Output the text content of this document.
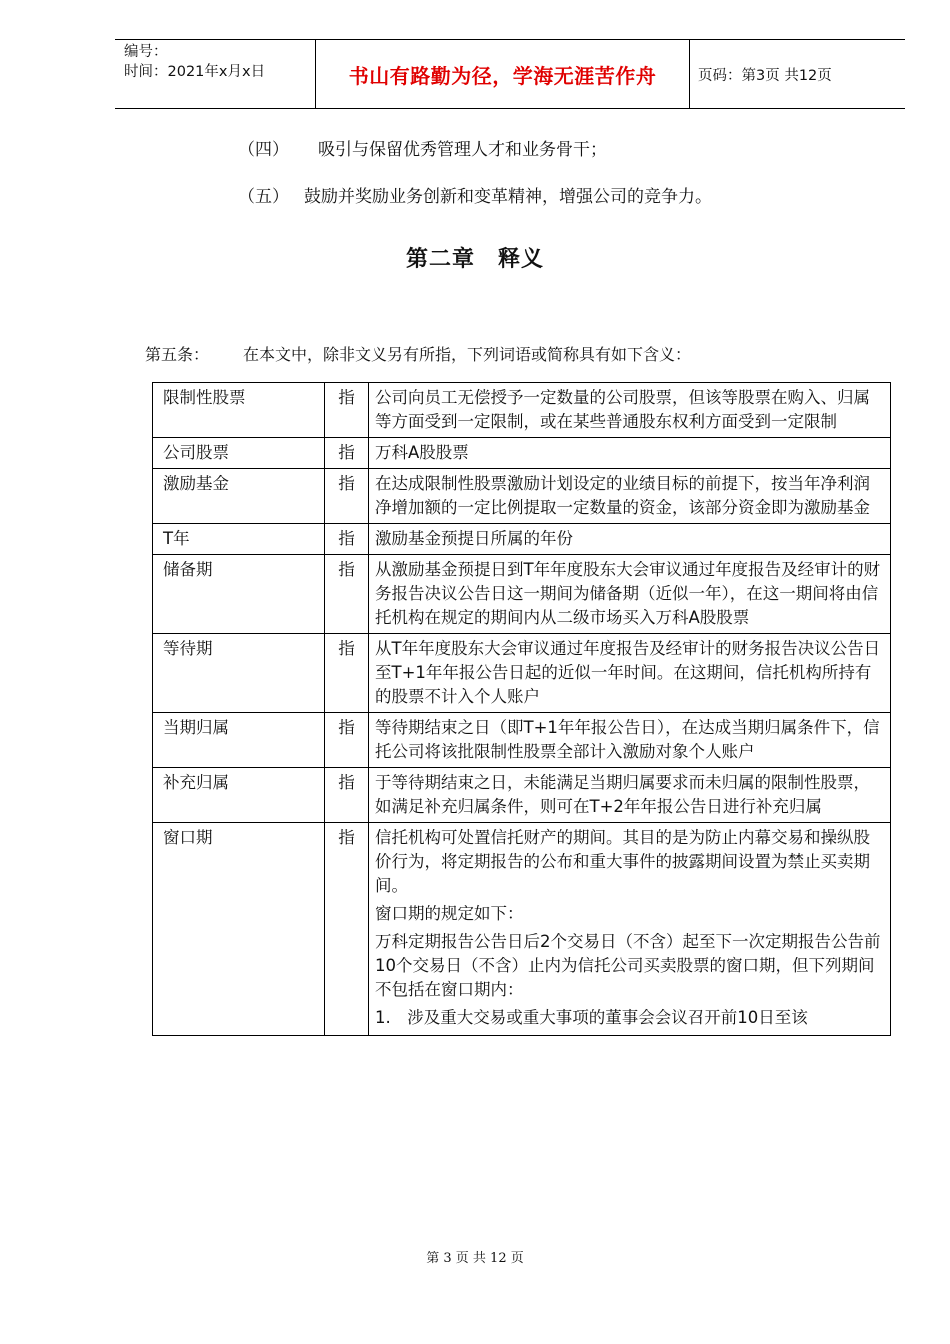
编号：
时间：2021年x月x日	书山有路勤为径，学海无涯苦作舟	页码：第3页 共12页
（四） 吸引与保留优秀管理人才和业务骨干；
（五） 鼓励并奖励业务创新和变革精神，增强公司的竞争力。
第二章　释义
第五条： 在本文中，除非文义另有所指，下列词语或简称具有如下含义：
限制性股票	指	公司向员工无偿授予一定数量的公司股票，但该等股票在购入、归属等方面受到一定限制，或在某些普通股东权利方面受到一定限制

公司股票	指	万科A股股票

激励基金	指	在达成限制性股票激励计划设定的业绩目标的前提下，按当年净利润净增加额的一定比例提取一定数量的资金，该部分资金即为激励基金

T年	指	激励基金预提日所属的年份

储备期	指	从激励基金预提日到T年年度股东大会审议通过年度报告及经审计的财务报告决议公告日这一期间为储备期（近似一年），在这一期间将由信托机构在规定的期间内从二级市场买入万科A股股票

等待期	指	从T年年度股东大会审议通过年度报告及经审计的财务报告决议公告日至T+1年年报公告日起的近似一年时间。在这期间，信托机构所持有的股票不计入个人账户

当期归属	指	等待期结束之日（即T+1年年报公告日），在达成当期归属条件下，信托公司将该批限制性股票全部计入激励对象个人账户

补充归属	指	于等待期结束之日，未能满足当期归属要求而未归属的限制性股票，如满足补充归属条件，则可在T+2年年报公告日进行补充归属

窗口期	指	信托机构可处置信托财产的期间。其目的是为防止内幕交易和操纵股价行为，将定期报告的公布和重大事件的披露期间设置为禁止买卖期间。

窗口期的规定如下：

万科定期报告公告日后2个交易日（不含）起至下一次定期报告公告前10个交易日（不含）止内为信托公司买卖股票的窗口期，但下列期间不包括在窗口期内：

1.　涉及重大交易或重大事项的董事会会议召开前10日至该

第 3 页 共 12 页
